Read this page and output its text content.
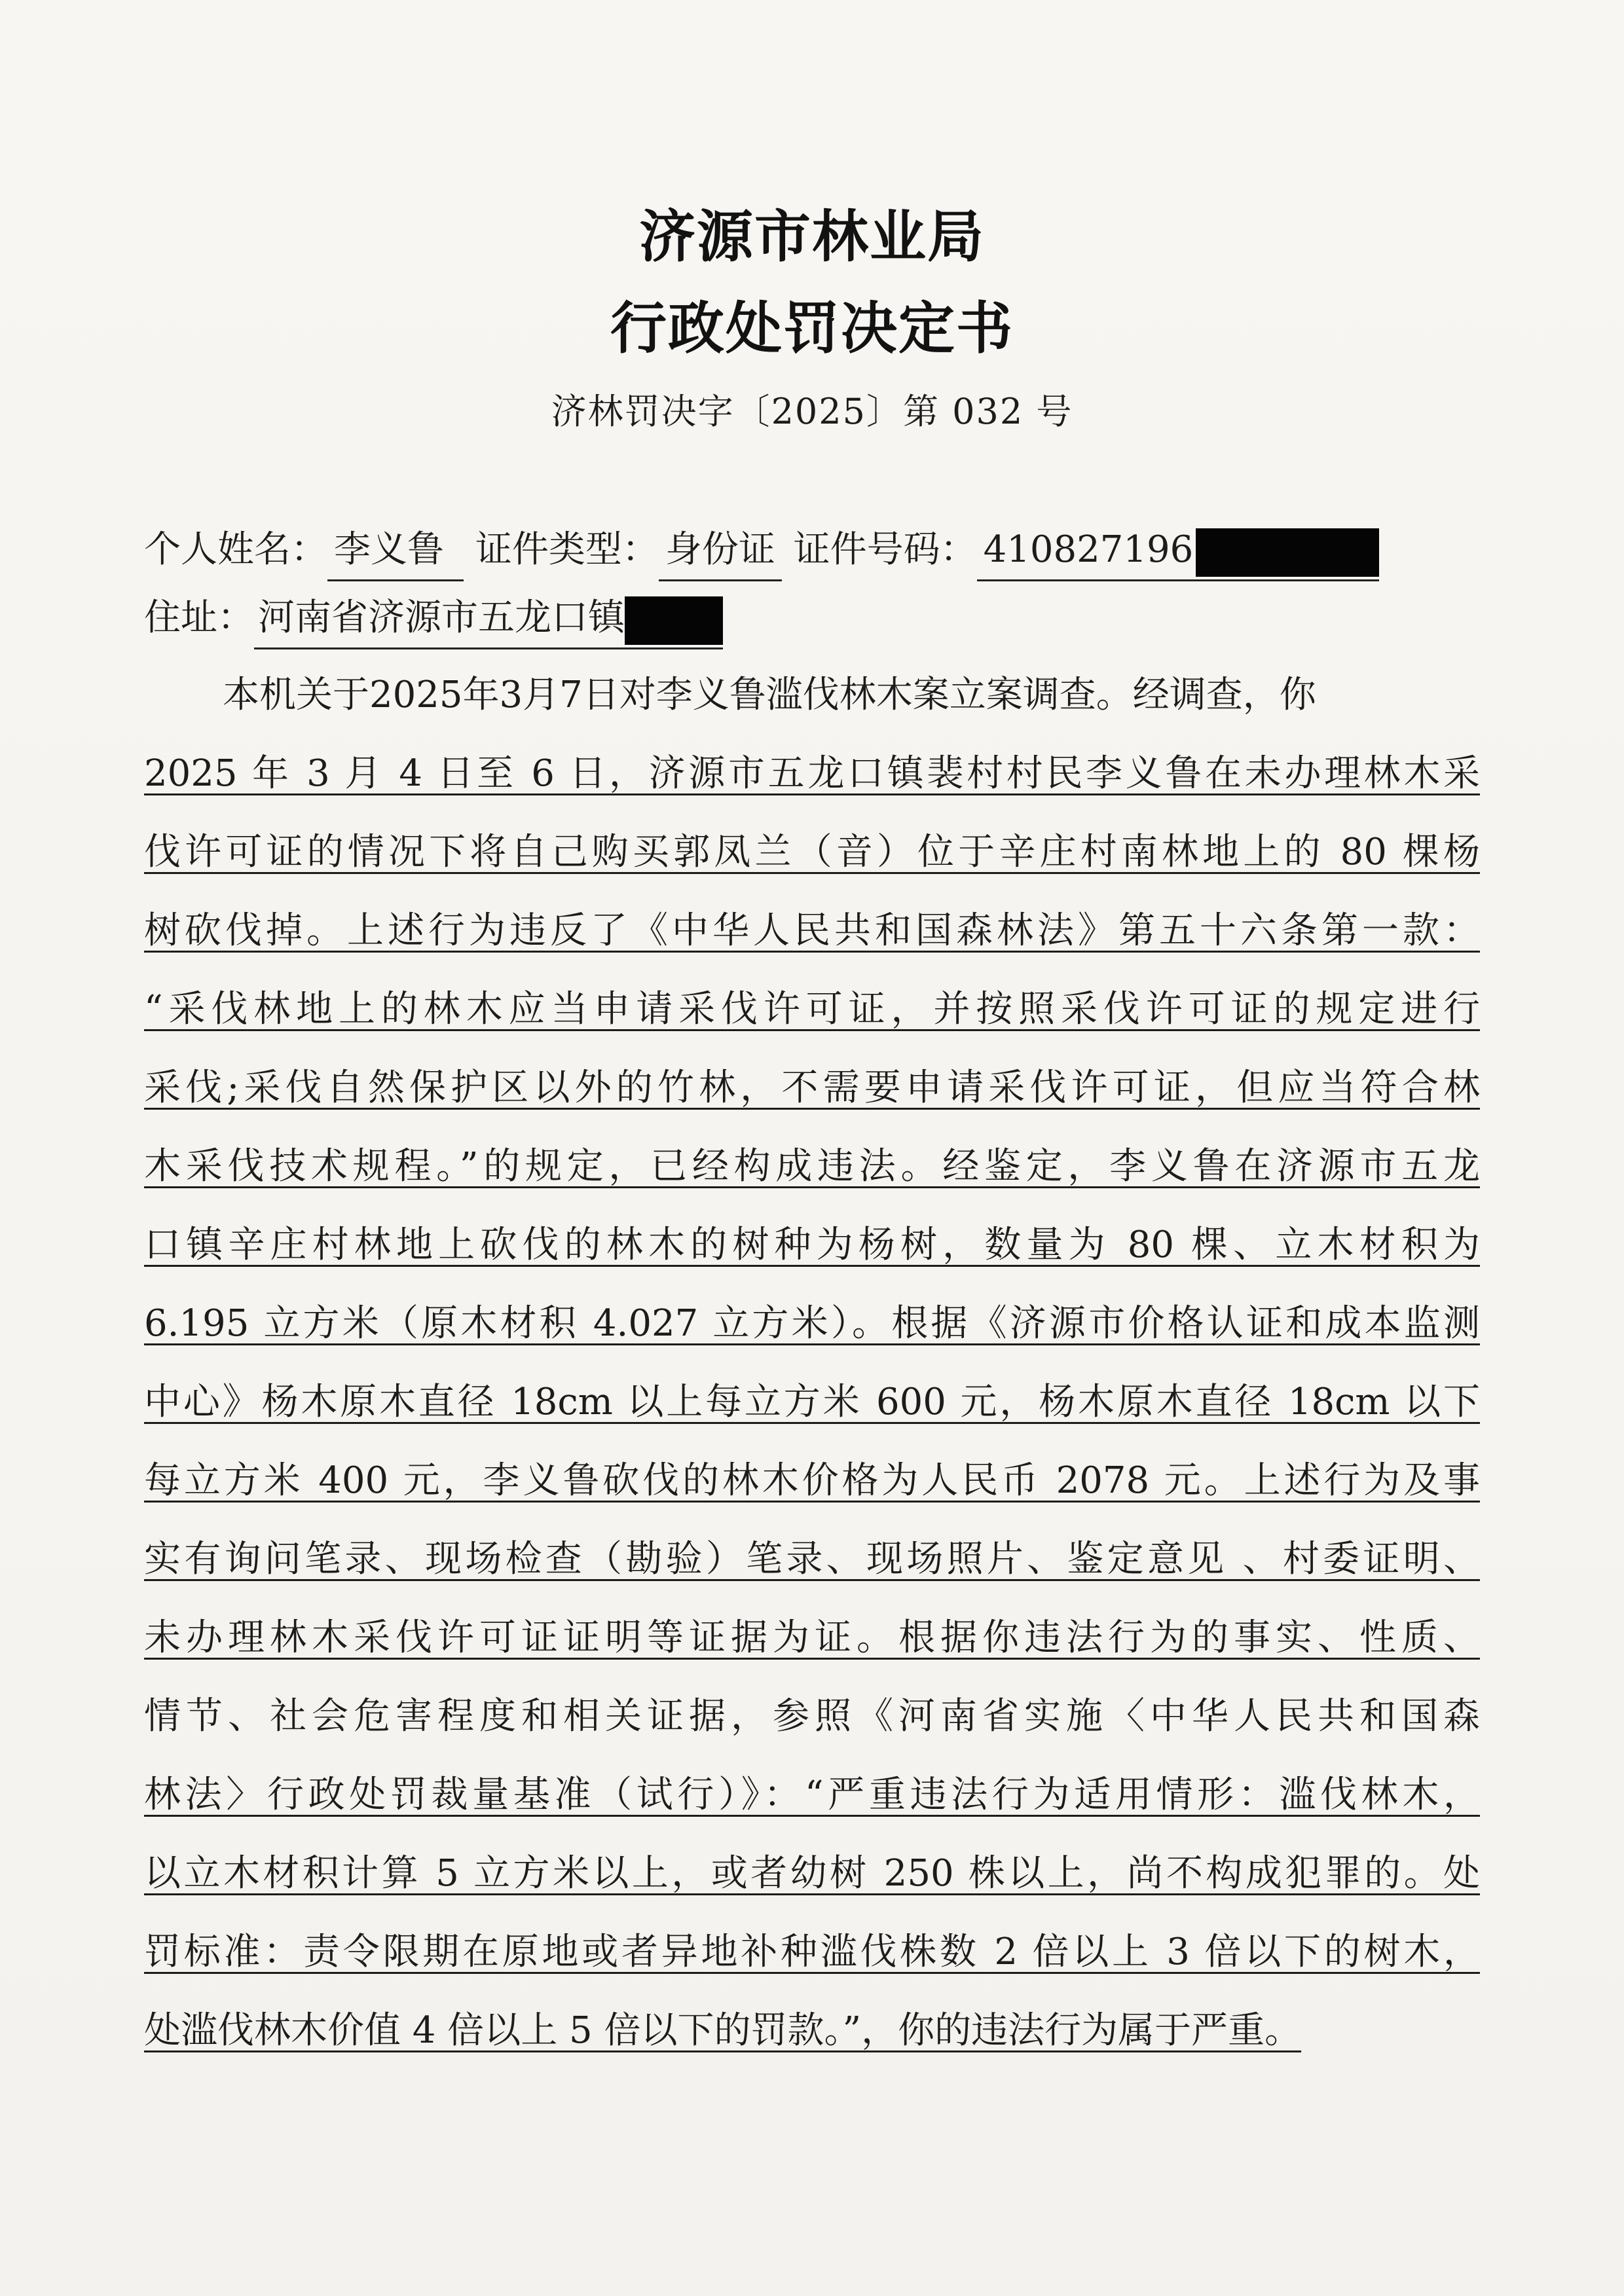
济源市林业局
行政处罚决定书
济林罚决字〔2025〕第 032 号
个人姓名： 李义鲁 证件类型： 身份证 证件号码： 410827196
住址： 河南省济源市五龙口镇
本机关于2025年3月7日对李义鲁滥伐林木案立案调查。经调查，你
2025 年 3 月 4 日至 6 日，济源市五龙口镇裴村村民李义鲁在未办理林木采
伐许可证的情况下将自己购买郭凤兰（音）位于辛庄村南林地上的 80 棵杨
树砍伐掉。上述行为违反了《中华人民共和国森林法》第五十六条第一款：
“采伐林地上的林木应当申请采伐许可证，并按照采伐许可证的规定进行
采伐;采伐自然保护区以外的竹林，不需要申请采伐许可证，但应当符合林
木采伐技术规程。”的规定，已经构成违法。经鉴定，李义鲁在济源市五龙
口镇辛庄村林地上砍伐的林木的树种为杨树，数量为 80 棵、立木材积为
6.195 立方米（原木材积 4.027 立方米）。根据《济源市价格认证和成本监测
中心》杨木原木直径 18cm 以上每立方米 600 元，杨木原木直径 18cm 以下
每立方米 400 元，李义鲁砍伐的林木价格为人民币 2078 元。上述行为及事
实有询问笔录、现场检查（勘验）笔录、现场照片、鉴定意见 、村委证明、
未办理林木采伐许可证证明等证据为证。根据你违法行为的事实、性质、
情节、社会危害程度和相关证据，参照《河南省实施〈中华人民共和国森
林法〉行政处罚裁量基准（试行）》：“严重违法行为适用情形：滥伐林木，
以立木材积计算 5 立方米以上，或者幼树 250 株以上，尚不构成犯罪的。处
罚标准：责令限期在原地或者异地补种滥伐株数 2 倍以上 3 倍以下的树木，
处滥伐林木价值 4 倍以上 5 倍以下的罚款。”，你的违法行为属于严重。
